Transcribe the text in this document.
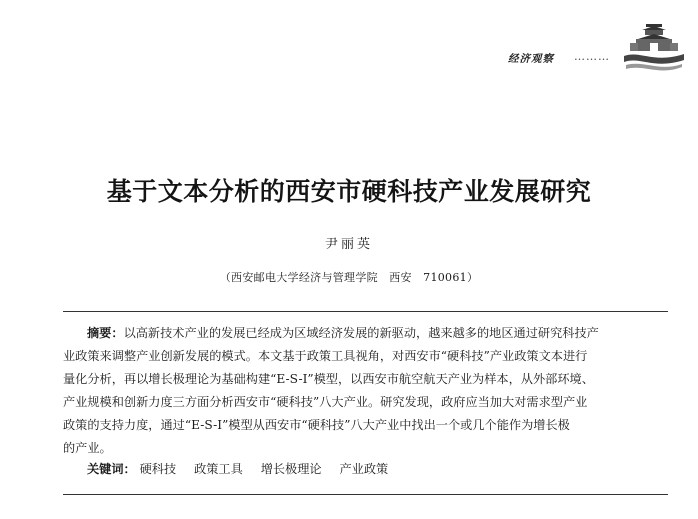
经济观察 ………
基于文本分析的西安市硬科技产业发展研究
尹丽英
（西安邮电大学经济与管理学院　西安　710061）
摘要：以高新技术产业的发展已经成为区域经济发展的新驱动，越来越多的地区通过研究科技产
业政策来调整产业创新发展的模式。本文基于政策工具视角，对西安市“硬科技”产业政策文本进行
量化分析，再以增长极理论为基础构建“E-S-I”模型，以西安市航空航天产业为样本，从外部环境、
产业规模和创新力度三方面分析西安市“硬科技”八大产业。研究发现，政府应当加大对需求型产业
政策的支持力度，通过“E-S-I”模型从西安市“硬科技”八大产业中找出一个或几个能作为增长极
的产业。
关键词： 硬科技 政策工具 增长极理论 产业政策
